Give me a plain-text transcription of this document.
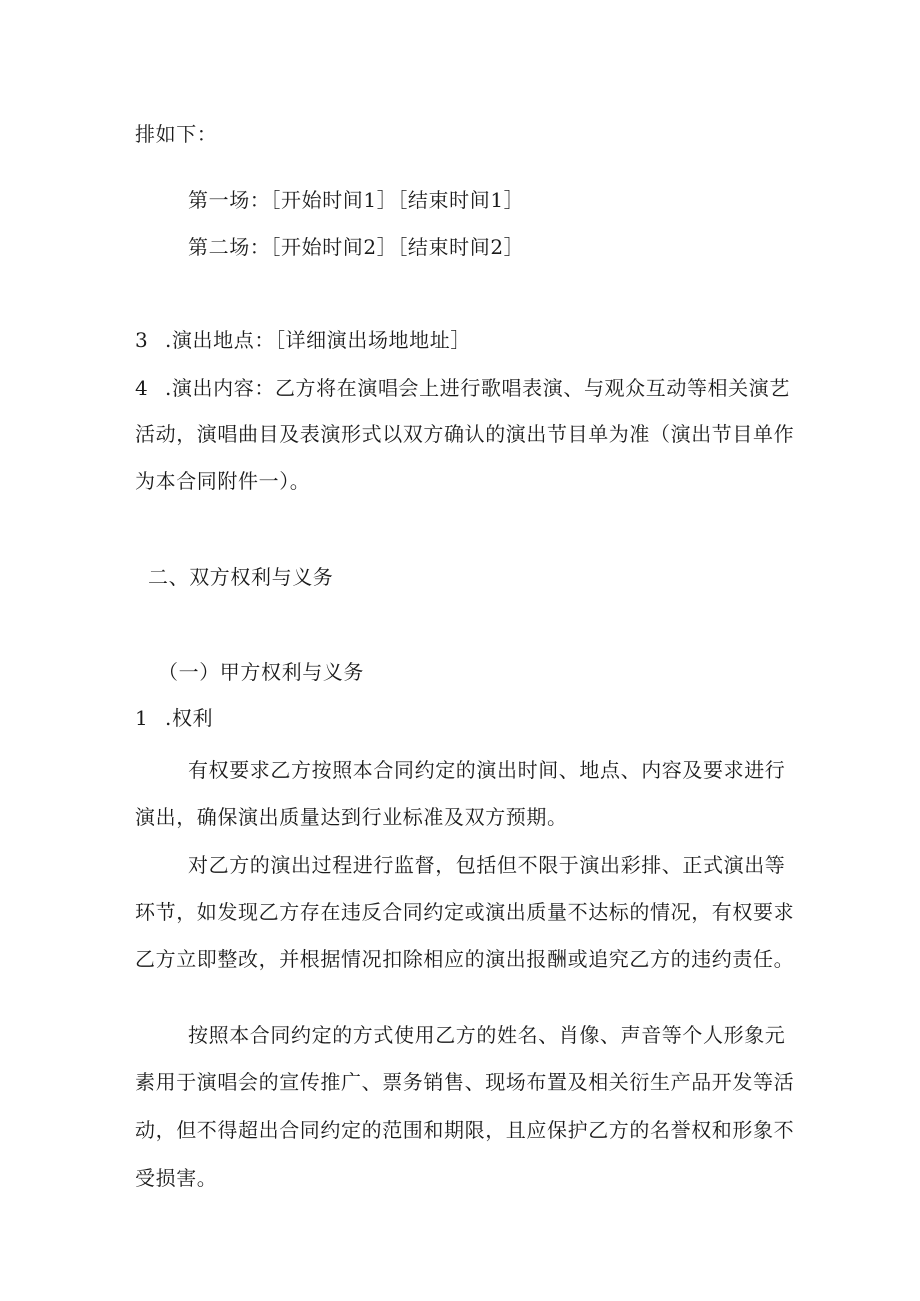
排如下：
第一场：［开始时间1］［结束时间1］
第二场：［开始时间2］［结束时间2］
3 .演出地点：［详细演出场地地址］
4 .演出内容：乙方将在演唱会上进行歌唱表演、与观众互动等相关演艺
活动，演唱曲目及表演形式以双方确认的演出节目单为准（演出节目单作
为本合同附件一）。
二、双方权利与义务
（一）甲方权利与义务
1 .权利
有权要求乙方按照本合同约定的演出时间、地点、内容及要求进行
演出，确保演出质量达到行业标准及双方预期。
对乙方的演出过程进行监督，包括但不限于演出彩排、正式演出等
环节，如发现乙方存在违反合同约定或演出质量不达标的情况，有权要求
乙方立即整改，并根据情况扣除相应的演出报酬或追究乙方的违约责任。
按照本合同约定的方式使用乙方的姓名、肖像、声音等个人形象元
素用于演唱会的宣传推广、票务销售、现场布置及相关衍生产品开发等活
动，但不得超出合同约定的范围和期限，且应保护乙方的名誉权和形象不
受损害。
